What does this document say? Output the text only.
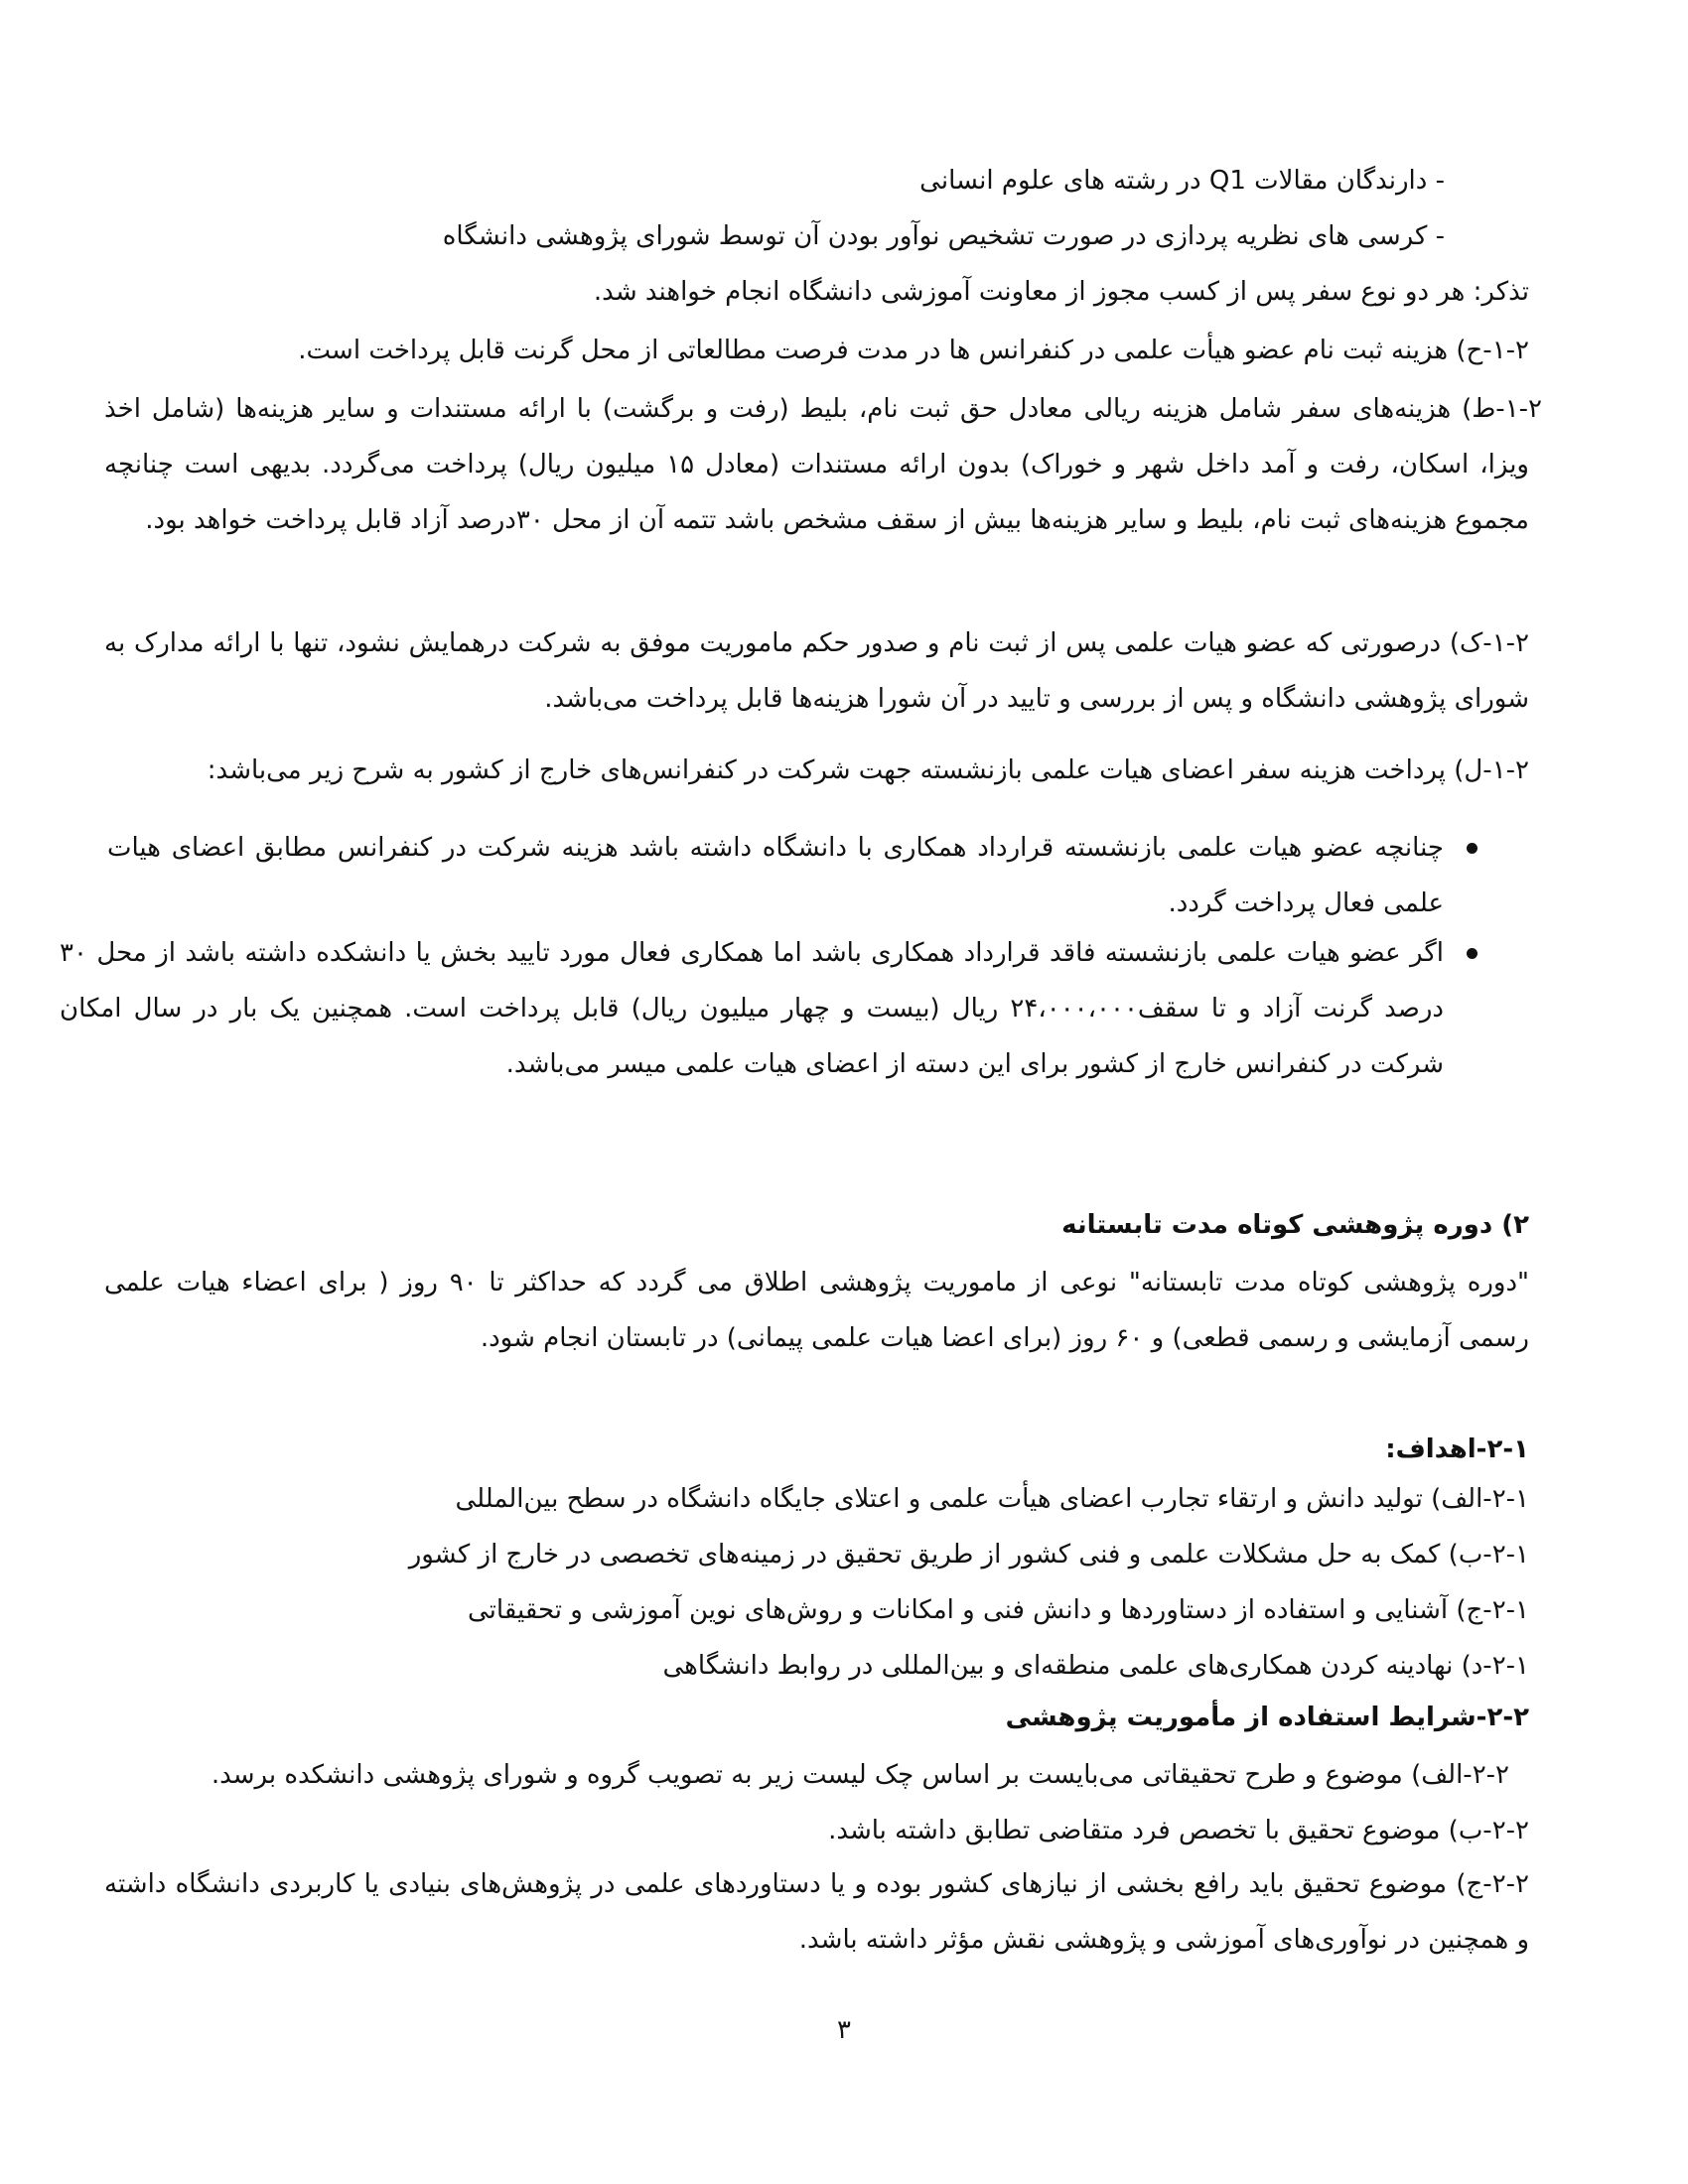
- دارندگان مقالات Q1 در رشته های علوم انسانی

- کرسی های نظریه پردازی در صورت تشخیص نوآور بودن آن توسط شورای پژوهشی دانشگاه

تذکر: هر دو نوع سفر پس از کسب مجوز از معاونت آموزشی دانشگاه انجام خواهند شد.

۱-۲-ح) هزینه ثبت نام عضو هیأت علمی در کنفرانس ها در مدت فرصت مطالعاتی از محل گرنت قابل پرداخت است.

۱-۲-ط) هزینه‌های سفر شامل هزینه ریالی معادل حق ثبت نام، بلیط (رفت و برگشت) با ارائه مستندات و سایر هزینه‌ها (شامل اخذ ویزا، اسکان، رفت و آمد داخل شهر و خوراک) بدون ارائه مستندات (معادل ۱۵ میلیون ریال) پرداخت می‌گردد. بدیهی است چنانچه مجموع هزینه‌های ثبت نام، بلیط و سایر هزینه‌ها بیش از سقف مشخص باشد تتمه آن از محل ۳۰درصد آزاد قابل پرداخت خواهد بود.

۱-۲-ک) درصورتی که عضو هیات علمی پس از ثبت نام و صدور حکم ماموریت موفق به شرکت درهمایش نشود، تنها با ارائه مدارک به شورای پژوهشی دانشگاه و پس از بررسی و تایید در آن شورا هزینه‌ها قابل پرداخت می‌باشد.

۱-۲-ل) پرداخت هزینه سفر اعضای هیات علمی بازنشسته جهت شرکت در کنفرانس‌های خارج از کشور به شرح زیر می‌باشد:

چنانچه عضو هیات علمی بازنشسته قرارداد همکاری با دانشگاه داشته باشد هزینه شرکت در کنفرانس مطابق اعضای هیات علمی فعال پرداخت گردد.

اگر عضو هیات علمی بازنشسته فاقد قرارداد همکاری باشد اما همکاری فعال مورد تایید بخش یا دانشکده داشته باشد از محل ۳۰ درصد گرنت آزاد و تا سقف۲۴،۰۰۰،۰۰۰ ریال (بیست و چهار میلیون ریال) قابل پرداخت است. همچنین یک بار در سال امکان شرکت در کنفرانس خارج از کشور برای این دسته از اعضای هیات علمی میسر می‌باشد.

۲) دوره پژوهشی کوتاه مدت تابستانه

"دوره پژوهشی کوتاه مدت تابستانه" نوعی از ماموریت پژوهشی اطلاق می گردد که حداکثر تا ۹۰ روز ( برای اعضاء هیات علمی رسمی آزمایشی و رسمی قطعی) و ۶۰ روز (برای اعضا هیات علمی پیمانی) در تابستان انجام شود.

۲-۱-اهداف:

۲-۱-الف) تولید دانش و ارتقاء تجارب اعضای هیأت علمی و اعتلای جایگاه دانشگاه در سطح بین‌المللی

۲-۱-ب) کمک به حل مشکلات علمی و فنی کشور از طریق تحقیق در زمینه‌های تخصصی در خارج از کشور

۲-۱-ج) آشنایی و استفاده از دستاوردها و دانش فنی و امکانات و روش‌های نوین آموزشی و تحقیقاتی

۲-۱-د) نهادینه کردن همکاری‌های علمی منطقه‌ای و بین‌المللی در روابط دانشگاهی

۲-۲-شرایط استفاده از مأموریت پژوهشی

۲-۲-الف) موضوع و طرح تحقیقاتی می‌بایست بر اساس چک لیست زیر به تصویب گروه و شورای پژوهشی دانشکده برسد.

۲-۲-ب) موضوع تحقیق با تخصص فرد متقاضی تطابق داشته باشد.

۲-۲-ج) موضوع تحقیق باید رافع بخشی از نیازهای کشور بوده و یا دستاوردهای علمی در پژوهش‌های بنیادی یا کاربردی دانشگاه داشته و همچنین در نوآوری‌های آموزشی و پژوهشی نقش مؤثر داشته باشد.

۳
